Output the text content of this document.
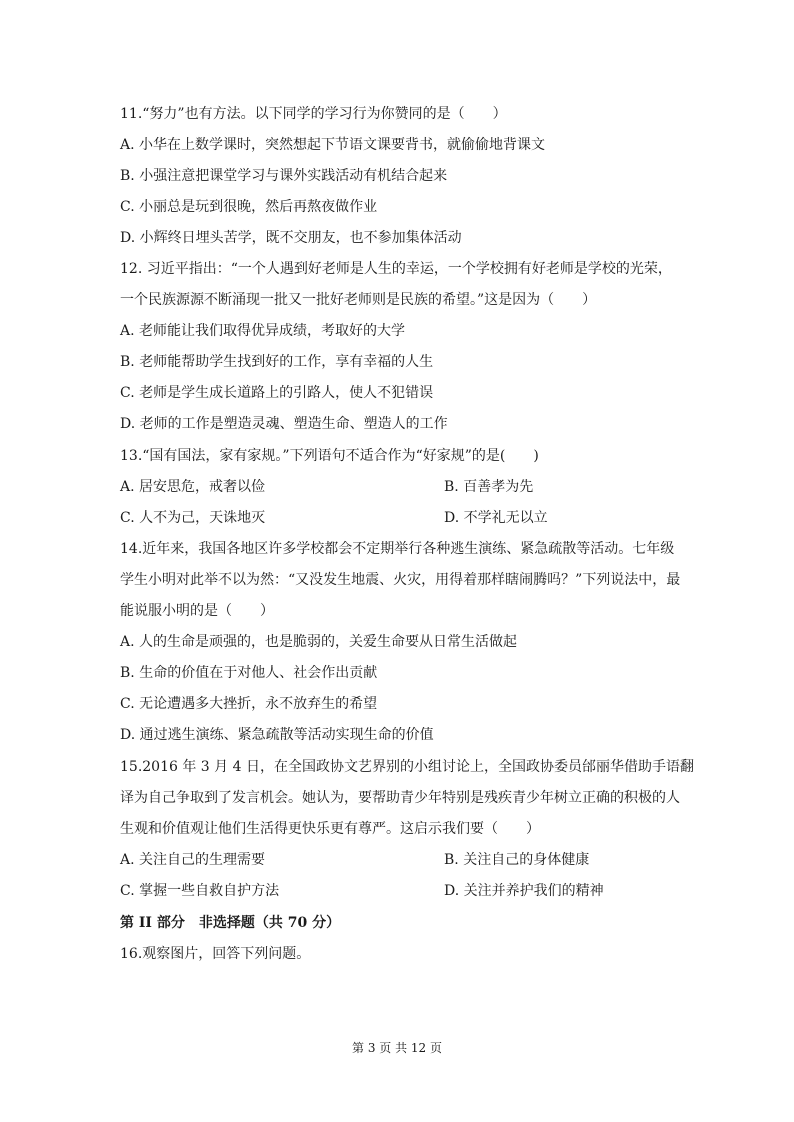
11.“努力”也有方法。以下同学的学习行为你赞同的是（　　）
A. 小华在上数学课时，突然想起下节语文课要背书，就偷偷地背课文
B. 小强注意把课堂学习与课外实践活动有机结合起来
C. 小丽总是玩到很晚，然后再熬夜做作业
D. 小辉终日埋头苦学，既不交朋友，也不参加集体活动
12. 习近平指出：“一个人遇到好老师是人生的幸运，一个学校拥有好老师是学校的光荣，
一个民族源源不断涌现一批又一批好老师则是民族的希望。”这是因为（　　）
A. 老师能让我们取得优异成绩，考取好的大学
B. 老师能帮助学生找到好的工作，享有幸福的人生
C. 老师是学生成长道路上的引路人，使人不犯错误
D. 老师的工作是塑造灵魂、塑造生命、塑造人的工作
13.“国有国法，家有家规。”下列语句不适合作为“好家规”的是(　　)
A. 居安思危，戒奢以俭	B. 百善孝为先
C. 人不为己，天诛地灭	D. 不学礼无以立
14.近年来，我国各地区许多学校都会不定期举行各种逃生演练、紧急疏散等活动。七年级
学生小明对此举不以为然：“又没发生地震、火灾，用得着那样瞎闹腾吗？”下列说法中，最
能说服小明的是（　　）
A. 人的生命是顽强的，也是脆弱的，关爱生命要从日常生活做起
B. 生命的价值在于对他人、社会作出贡献
C. 无论遭遇多大挫折，永不放弃生的希望
D. 通过逃生演练、紧急疏散等活动实现生命的价值
15.2016 年 3 月 4 日，在全国政协文艺界别的小组讨论上，全国政协委员邰丽华借助手语翻
译为自己争取到了发言机会。她认为，要帮助青少年特别是残疾青少年树立正确的积极的人
生观和价值观让他们生活得更快乐更有尊严。这启示我们要（　　）
A. 关注自己的生理需要	B. 关注自己的身体健康
C. 掌握一些自救自护方法	D. 关注并养护我们的精神
第 II 部分　非选择题（共 70 分）
16.观察图片，回答下列问题。
第 3 页 共 12 页
